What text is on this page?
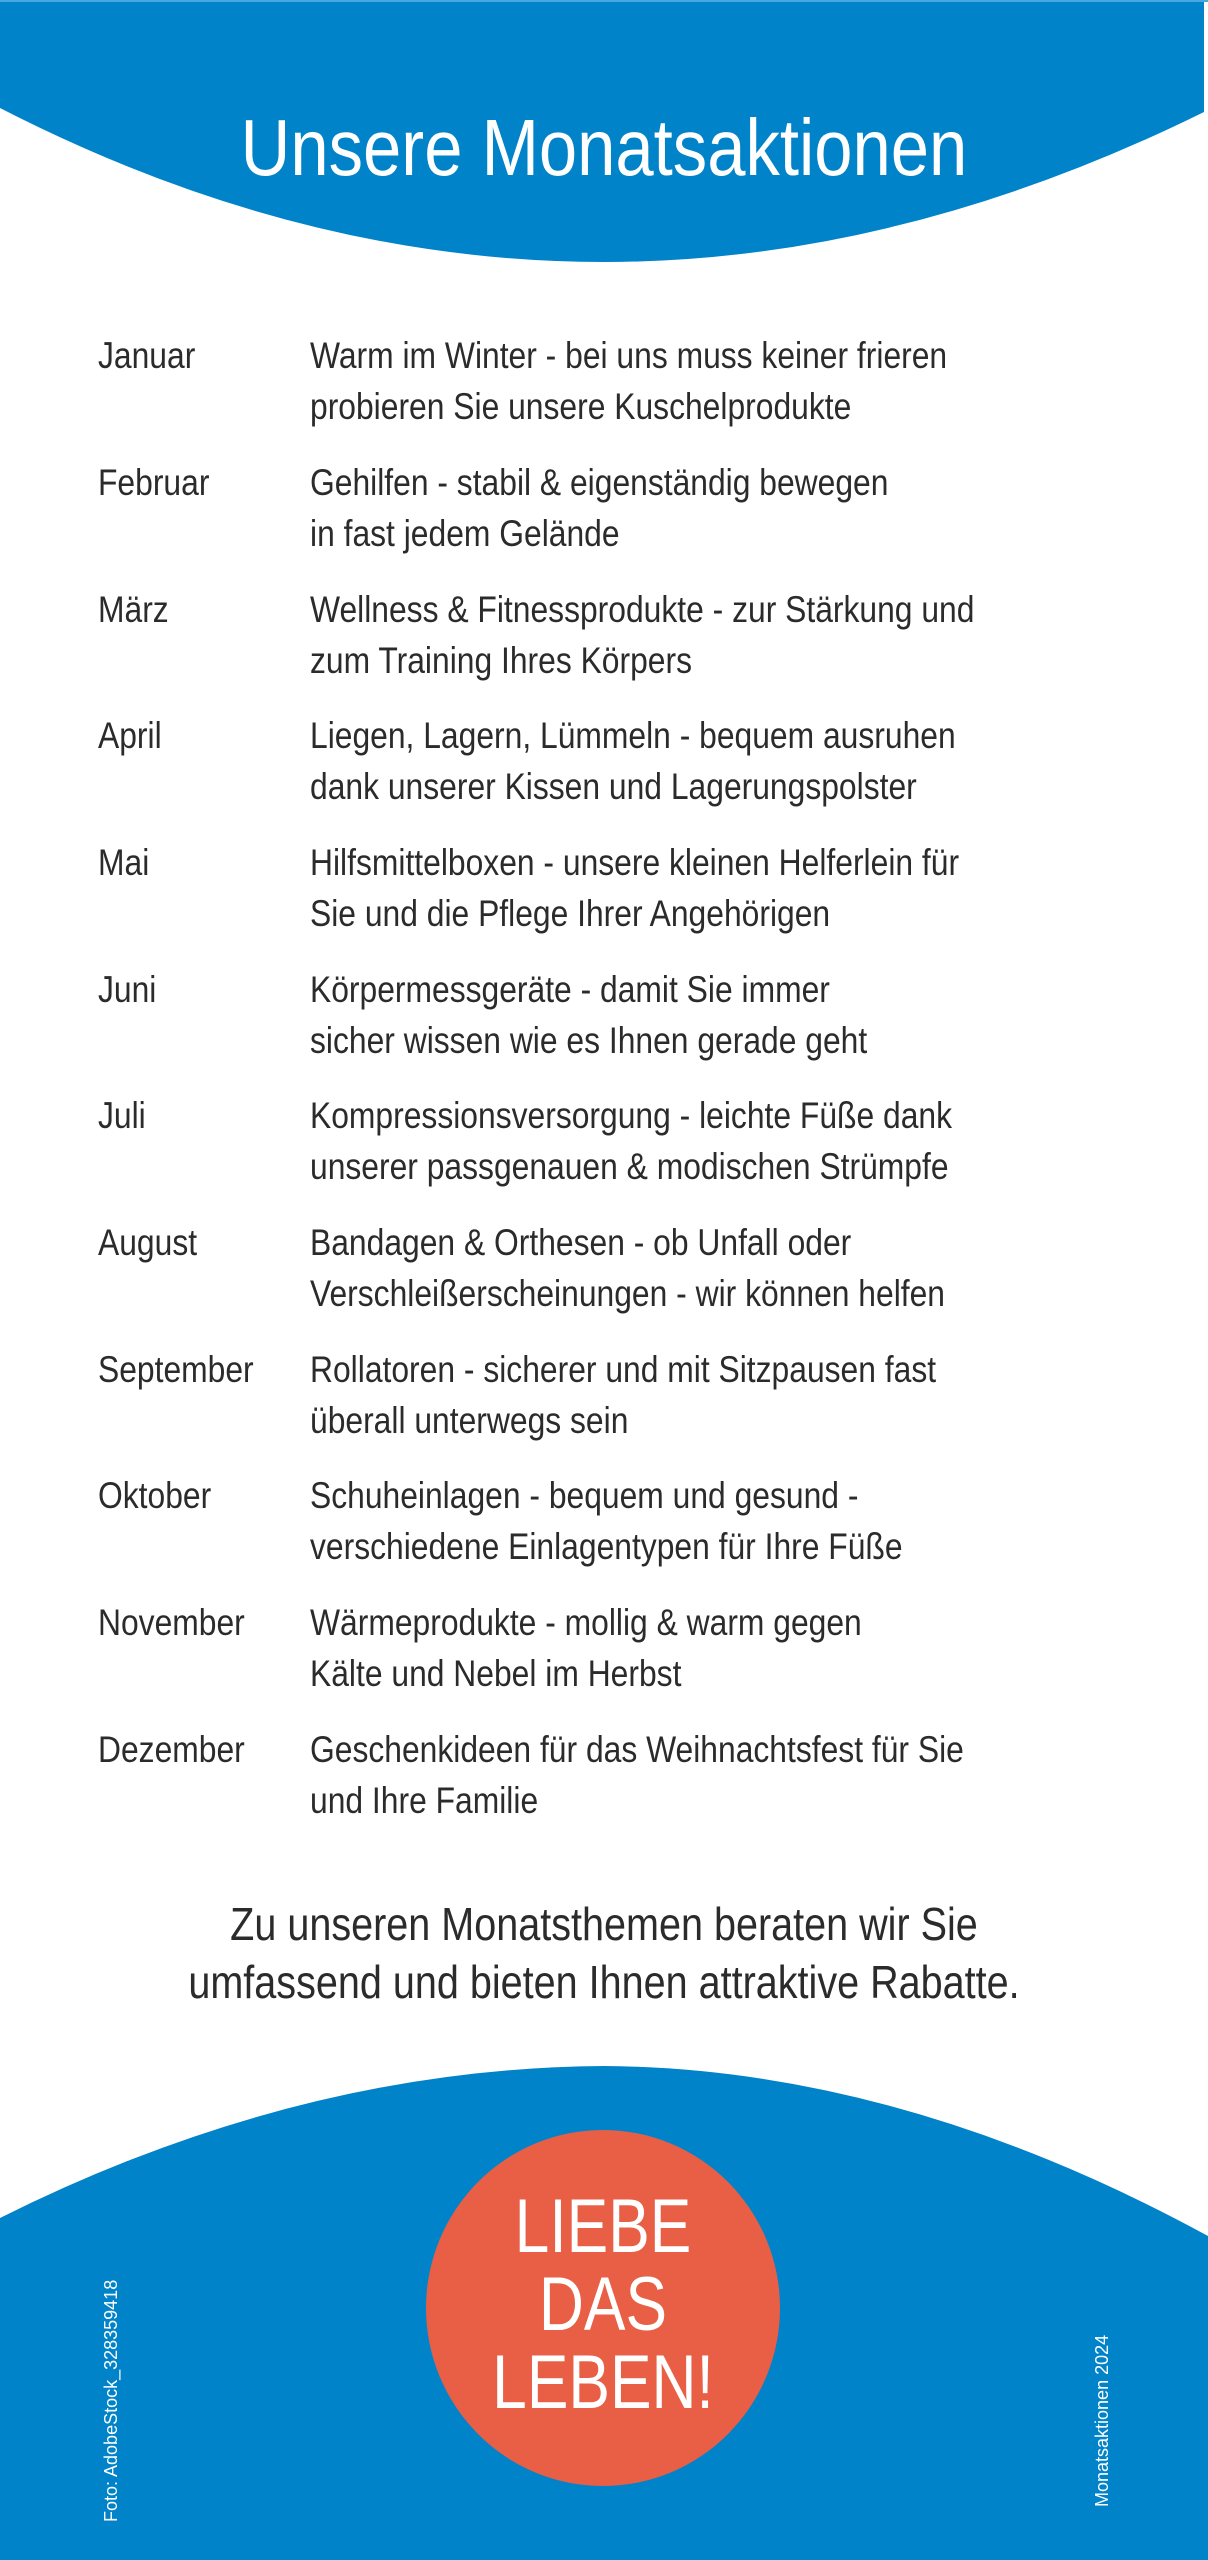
Unsere Monatsaktionen
Januar	Warm im Winter - bei uns muss keiner frieren
probieren Sie unsere Kuschelprodukte
Februar	Gehilfen - stabil & eigenständig bewegen
in fast jedem Gelände
März	Wellness & Fitnessprodukte - zur Stärkung und
zum Training Ihres Körpers
April	Liegen, Lagern, Lümmeln - bequem ausruhen
dank unserer Kissen und Lagerungspolster
Mai	Hilfsmittelboxen - unsere kleinen Helferlein für
Sie und die Pflege Ihrer Angehörigen
Juni	Körpermessgeräte - damit Sie immer
sicher wissen wie es Ihnen gerade geht
Juli	Kompressionsversorgung - leichte Füße dank
unserer passgenauen & modischen Strümpfe
August	Bandagen & Orthesen - ob Unfall oder
Verschleißerscheinungen - wir können helfen
September Rollatoren - sicherer und mit Sitzpausen fast
überall unterwegs sein
Oktober	Schuheinlagen - bequem und gesund -
verschiedene Einlagentypen für Ihre Füße
November Wärmeprodukte - mollig & warm gegen
Kälte und Nebel im Herbst
Dezember Geschenkideen für das Weihnachtsfest für Sie
und Ihre Familie
Zu unseren Monatsthemen beraten wir Sie
umfassend und bieten Ihnen attraktive Rabatte.
LIEBE
DAS
LEBEN!
Foto: AdobeStock_328359418	Monatsaktionen 2024
